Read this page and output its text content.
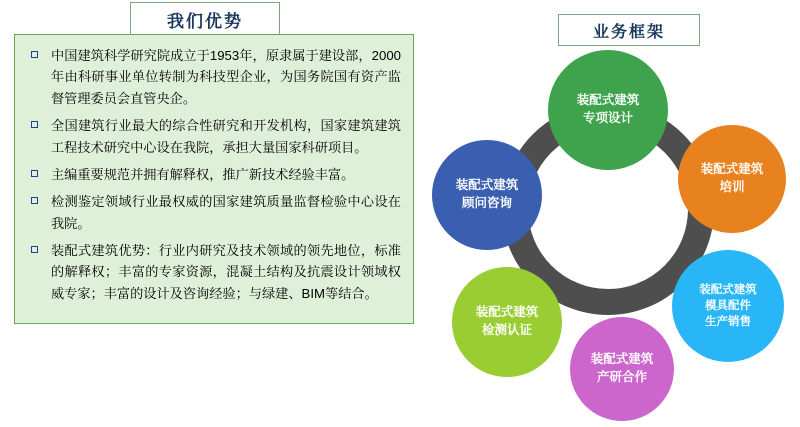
我们优势
中国建筑科学研究院成立于1953年，原隶属于建设部，2000年由科研事业单位转制为科技型企业，为国务院国有资产监督管理委员会直管央企。
全国建筑行业最大的综合性研究和开发机构，国家建筑建筑工程技术研究中心设在我院，承担大量国家科研项目。
主编重要规范并拥有解释权，推广新技术经验丰富。
检测鉴定领域行业最权威的国家建筑质量监督检验中心设在我院。
装配式建筑优势：行业内研究及技术领域的领先地位，标准的解释权；丰富的专家资源，混凝土结构及抗震设计领域权威专家；丰富的设计及咨询经验；与绿建、BIM等结合。
业务框架
装配式建筑
专项设计
装配式建筑
培训
装配式建筑
模具配件
生产销售
装配式建筑
产研合作
装配式建筑
检测认证
装配式建筑
顾问咨询
